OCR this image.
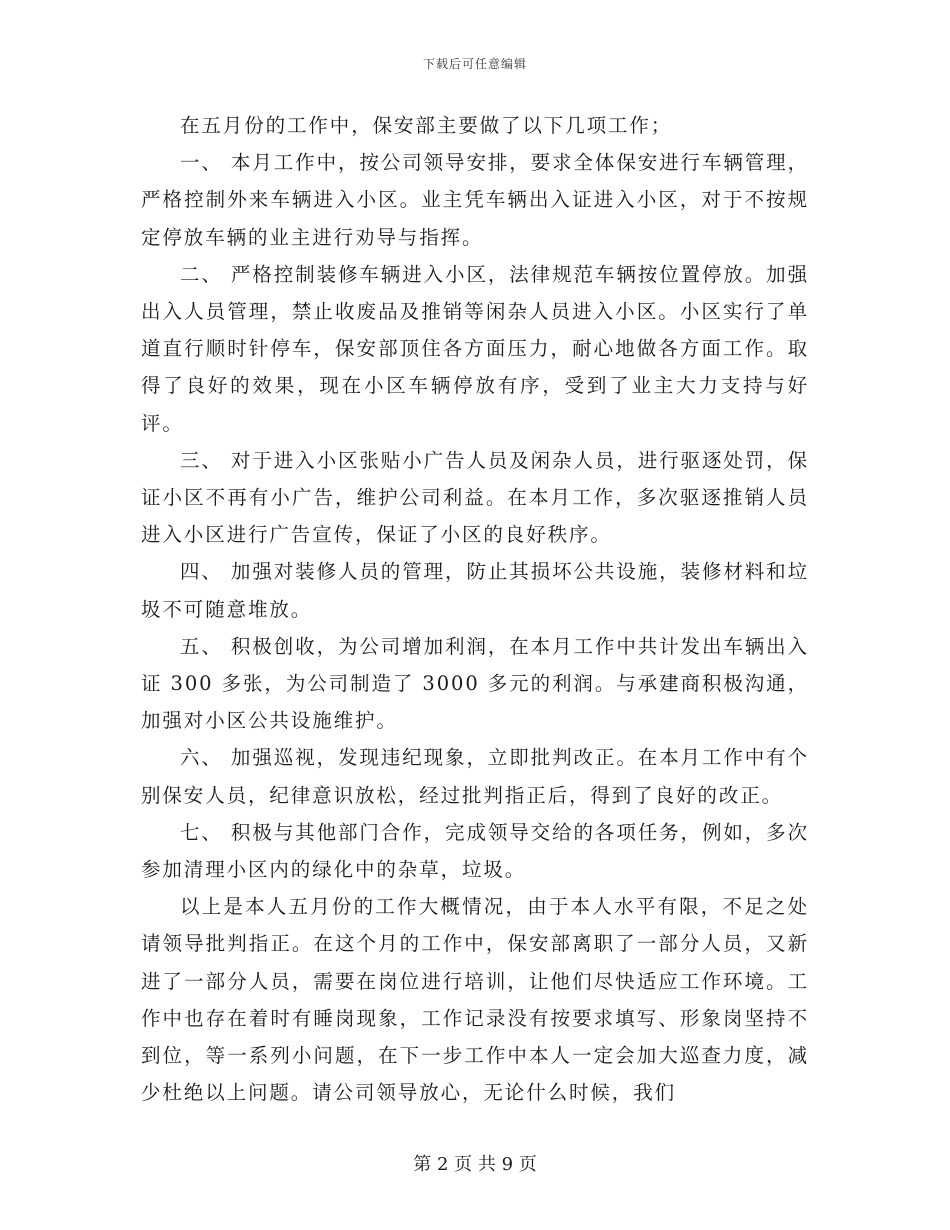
下载后可任意编辑

在五月份的工作中，保安部主要做了以下几项工作；

一、 本月工作中，按公司领导安排，要求全体保安进行车辆管理，严格控制外来车辆进入小区。业主凭车辆出入证进入小区，对于不按规定停放车辆的业主进行劝导与指挥。

二、 严格控制装修车辆进入小区，法律规范车辆按位置停放。加强出入人员管理，禁止收废品及推销等闲杂人员进入小区。小区实行了单道直行顺时针停车，保安部顶住各方面压力，耐心地做各方面工作。取得了良好的效果，现在小区车辆停放有序，受到了业主大力支持与好评。

三、 对于进入小区张贴小广告人员及闲杂人员，进行驱逐处罚，保证小区不再有小广告，维护公司利益。在本月工作，多次驱逐推销人员进入小区进行广告宣传，保证了小区的良好秩序。

四、 加强对装修人员的管理，防止其损坏公共设施，装修材料和垃圾不可随意堆放。

五、 积极创收，为公司增加利润，在本月工作中共计发出车辆出入证 300 多张，为公司制造了 3000 多元的利润。与承建商积极沟通，加强对小区公共设施维护。

六、 加强巡视，发现违纪现象，立即批判改正。在本月工作中有个别保安人员，纪律意识放松，经过批判指正后，得到了良好的改正。

七、 积极与其他部门合作，完成领导交给的各项任务，例如，多次参加清理小区内的绿化中的杂草，垃圾。

以上是本人五月份的工作大概情况，由于本人水平有限，不足之处请领导批判指正。在这个月的工作中，保安部离职了一部分人员，又新进了一部分人员，需要在岗位进行培训，让他们尽快适应工作环境。工作中也存在着时有睡岗现象，工作记录没有按要求填写、形象岗坚持不到位，等一系列小问题，在下一步工作中本人一定会加大巡查力度，减少杜绝以上问题。请公司领导放心，无论什么时候，我们

第 2 页 共 9 页
